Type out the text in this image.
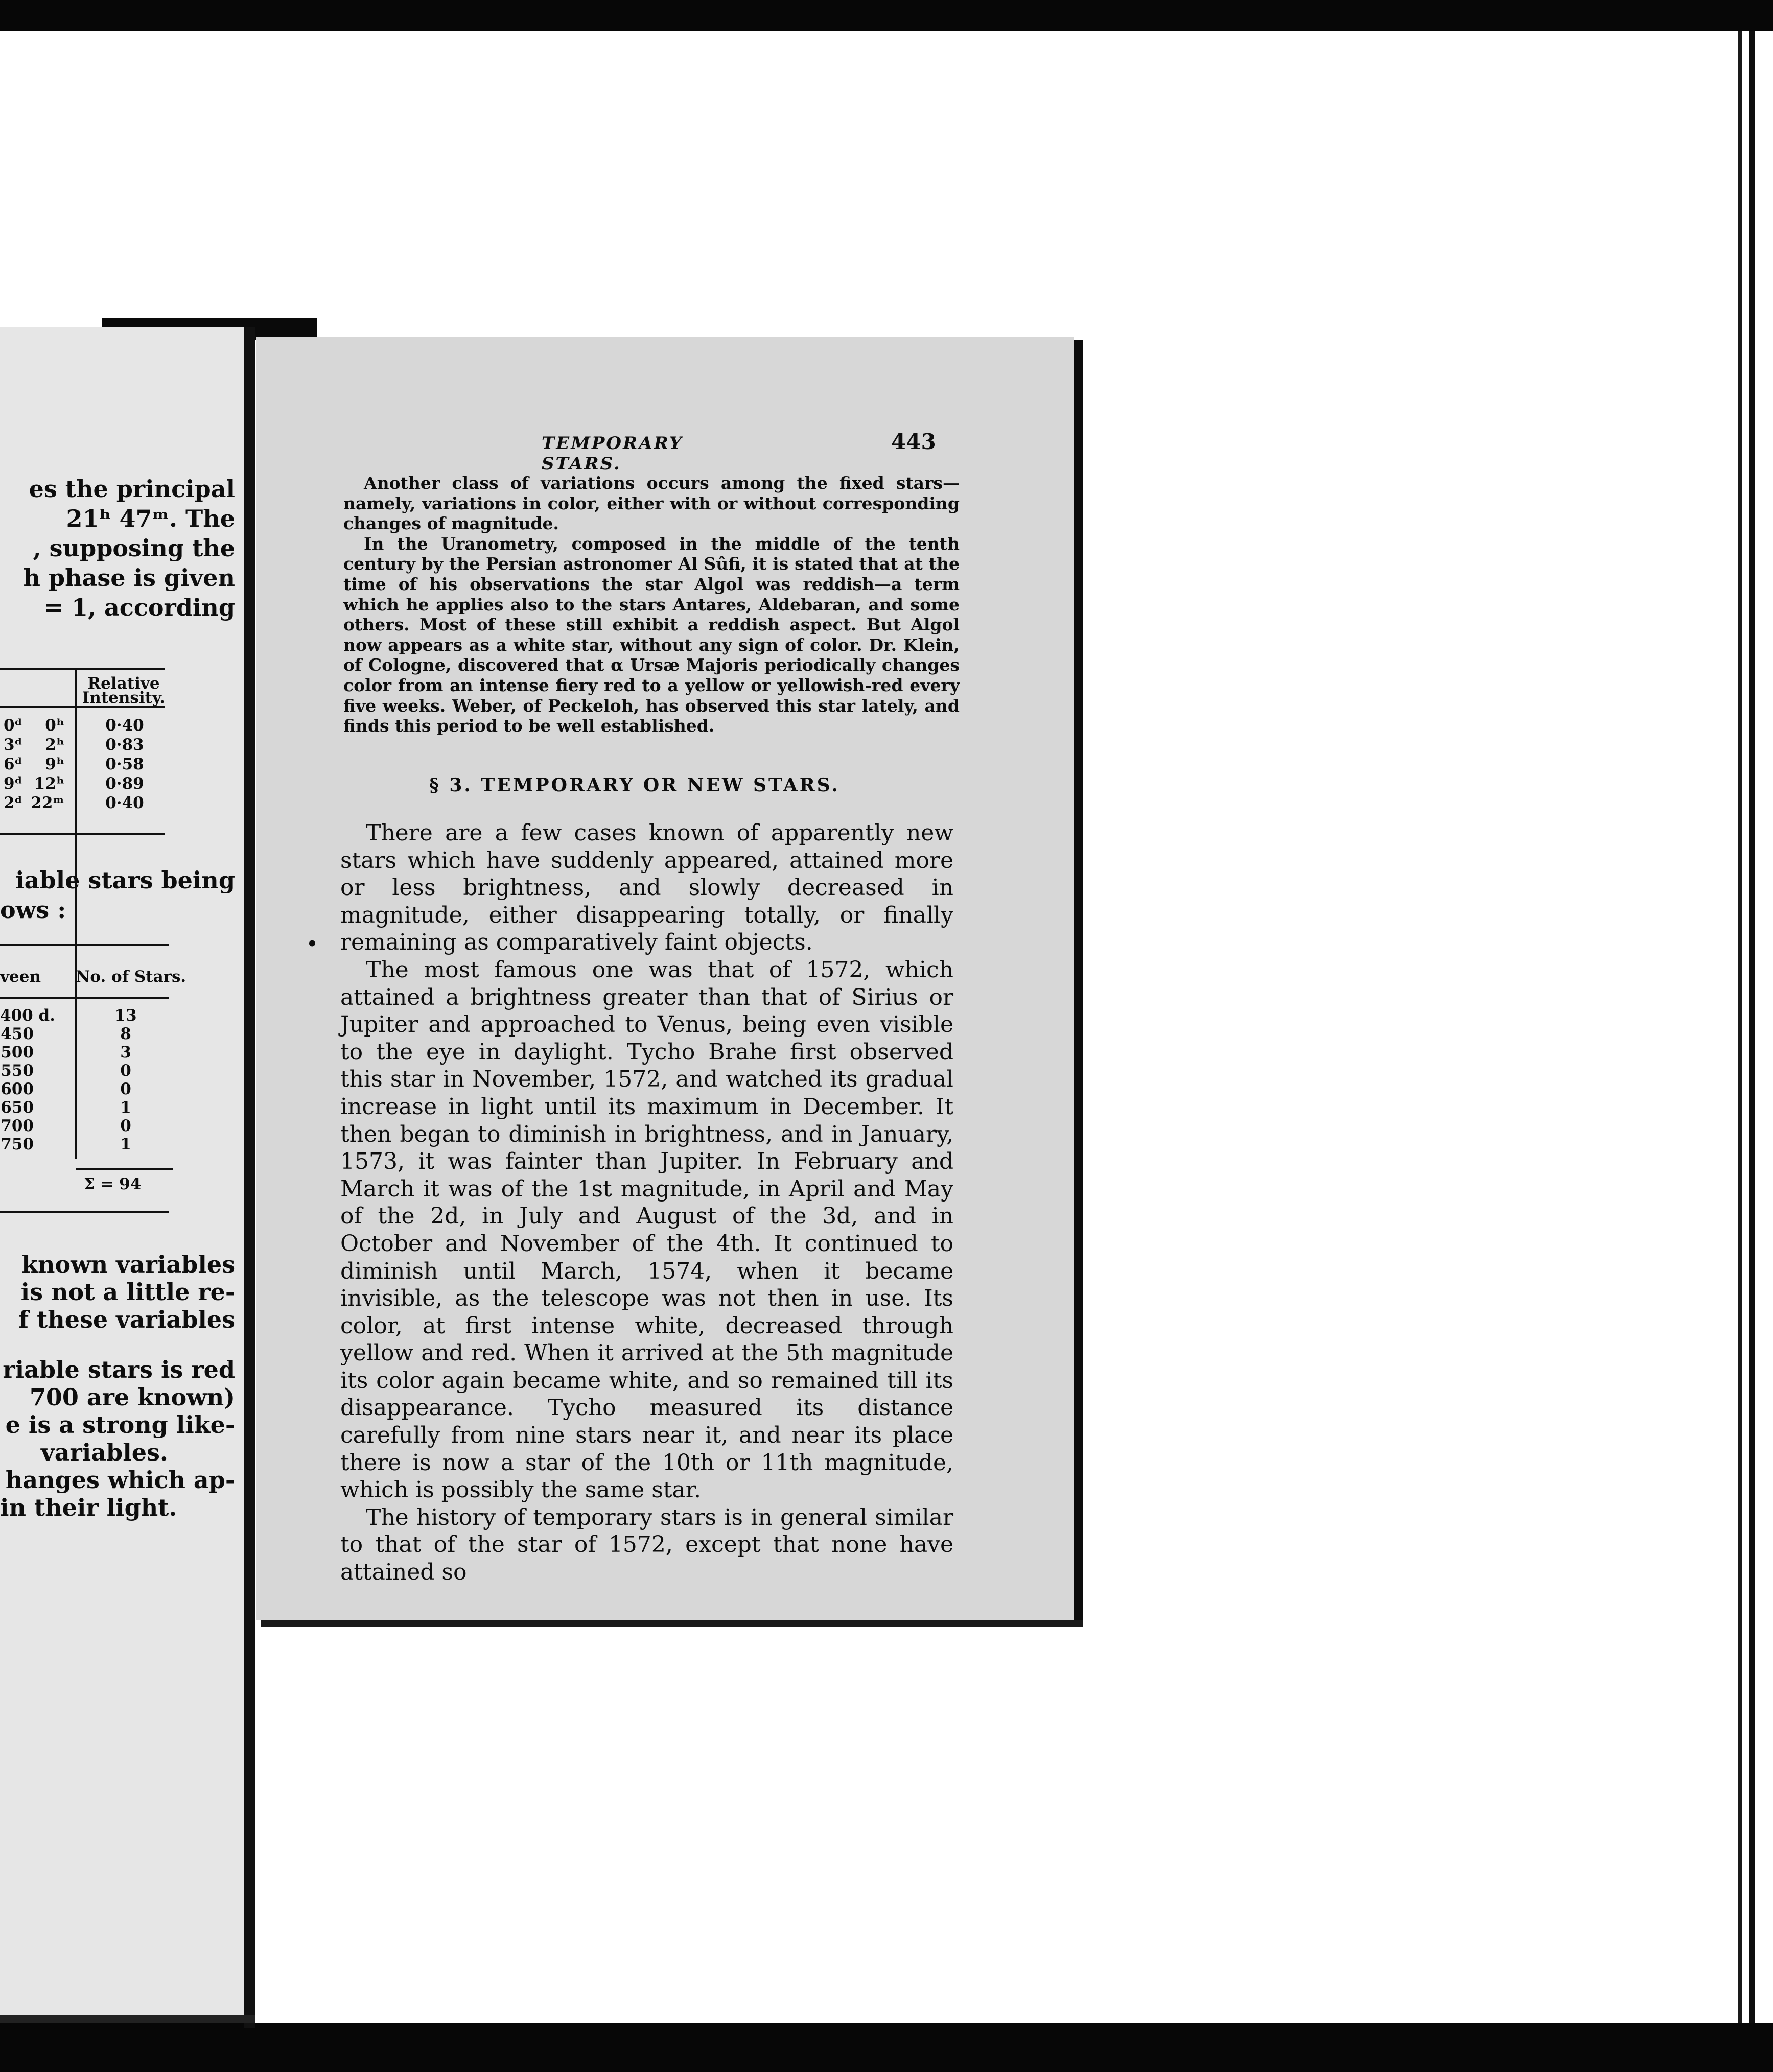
es the principal
21ʰ 47ᵐ. The
, supposing the
h phase is given
= 1, according
Relative
Intensity.
0ᵈ	0ʰ	0·40
3ᵈ	2ʰ	0·83
6ᵈ	9ʰ	0·58
9ᵈ 12ʰ	0·89
2ᵈ 22ᵐ	0·40
iable stars being
ows :
veen No. of Stars.
400 d.	13
450	8
500	3
550	0
600	0
650	1
700	0
750	1
Σ = 94
known variables
is not a little re-
f these variables
riable stars is red
700 are known)
e is a strong like-
variables.
hanges which ap-
in their light.
TEMPORARY STARS.
443

Another class of variations occurs among the fixed stars—namely, variations in color, either with or without corresponding changes of magnitude.

In the Uranometry, composed in the middle of the tenth century by the Persian astronomer Al Sûfi, it is stated that at the time of his observations the star Algol was reddish—a term which he applies also to the stars Antares, Aldebaran, and some others. Most of these still exhibit a reddish aspect. But Algol now appears as a white star, without any sign of color. Dr. Klein, of Cologne, discovered that α Ursæ Majoris periodically changes color from an intense fiery red to a yellow or yellowish-red every five weeks. Weber, of Peckeloh, has observed this star lately, and finds this period to be well established.

§ 3. TEMPORARY OR NEW STARS.
•

There are a few cases known of apparently new stars which have suddenly appeared, attained more or less brightness, and slowly decreased in magnitude, either disappearing totally, or finally remaining as comparatively faint objects.

The most famous one was that of 1572, which attained a brightness greater than that of Sirius or Jupiter and approached to Venus, being even visible to the eye in daylight. Tycho Brahe first observed this star in November, 1572, and watched its gradual increase in light until its maximum in December. It then began to diminish in brightness, and in January, 1573, it was fainter than Jupiter. In February and March it was of the 1st magnitude, in April and May of the 2d, in July and August of the 3d, and in October and November of the 4th. It continued to diminish until March, 1574, when it became invisible, as the telescope was not then in use. Its color, at first intense white, decreased through yellow and red. When it arrived at the 5th magnitude its color again became white, and so remained till its disappearance. Tycho measured its distance carefully from nine stars near it, and near its place there is now a star of the 10th or 11th magnitude, which is possibly the same star.

The history of temporary stars is in general similar to that of the star of 1572, except that none have attained so
